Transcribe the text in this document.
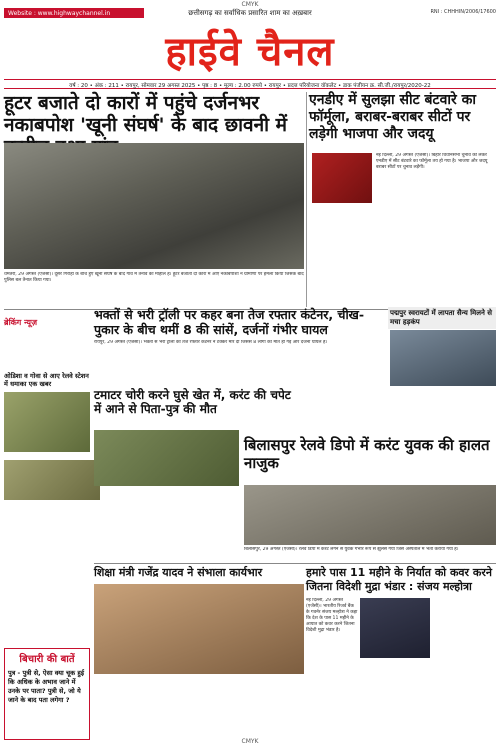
CMYK
Website : www.highwaychannel.in	छत्तीसगढ़ का सर्वाधिक प्रसारित शाम का अख़बार	RNI : CHHHIN/2006/17600
हाईवे चैनल
वर्ष : 20 • अंक : 211 • रायपुर, सोमवार 29 अगस्त 2025 • पृष्ठ : 8 • मूल्य : 2.00 रुपये • रायपुर • प्रदत्त परियोजना वॉकलेट • डाक पंजीयन क्र. सी.जी./रायपुर/2020-22
हूटर बजाते दो कारों में पहुंचे दर्जनभर नकाबपोश 'खूनी संघर्ष' के बाद छावनी में
धमतरी, 29 अगस्त (एजेंसी)। दूसरे गिरोहों के बीच हुए खूनी संघर्ष के बाद गांव में तनाव का माहौल है। हूटर बजाती दो कारों में आए नकाबपोशों ने ग्रामीणों पर हमला किया जिसके बाद पुलिस बल तैनात किया गया।
एनडीए में सुलझा सीट बंटवारे का फॉर्मूला, बराबर-बराबर सीटों पर लड़ेगी भाजपा और जदयू
नई दिल्ली, 29 अगस्त (एजेंसी)। बिहार विधानसभा चुनाव को लेकर एनडीए में सीट बंटवारे का फॉर्मूला तय हो गया है। भाजपा और जदयू बराबर सीटों पर चुनाव लड़ेंगी।
ब्रेकिंग न्यूज़
ओडिशा व गोवा से आए रेलवे स्टेशन में धमाका एक खबर
भक्तों से भरी ट्रॉली पर कहर बना तेज रफ्तार कंटेनर, चीख-पुकार के बीच थमीं 8 की सांसें, दर्जनों गंभीर घायल
रायपुर, 29 अगस्त (एजेंसी)। भक्तों से भरी ट्रॉली को तेज रफ्तार कंटेनर ने टक्कर मार दी जिससे 8 लोगों की मौत हो गई और दर्जनों घायल हैं।
टमाटर चोरी करने घुसे खेत में, करंट की चपेट में आने से पिता-पुत्र की मौत
पद्मपुर स्वरायटों में लापता सैन्य मिलने से मचा हड़कंप
बिलासपुर रेलवे डिपो में करंट युवक की हालत नाजुक
बिलासपुर, 29 अगस्त (एजेंसी)। रेलवे डिपो में करंट लगने से युवक गंभीर रूप से झुलस गया जिसे अस्पताल में भर्ती कराया गया है।
शिक्षा मंत्री गजेंद्र यादव ने संभाला कार्यभार	हमारे पास 11 महीने के निर्यात को कवर करने जितना विदेशी मुद्रा भंडार : संजय मल्होत्रा
नई दिल्ली, 29 अगस्त (एजेंसी)। भारतीय रिजर्व बैंक के गवर्नर संजय मल्होत्रा ने कहा कि देश के पास 11 महीने के आयात को कवर करने जितना विदेशी मुद्रा भंडार है।
बिचारी की बातें
पुत्र - पुत्री से, ऐसा क्या चूक हुई कि अधिक के अभाव जाने में उनके पर पाता? पुत्री से, जो ये जाने के बाद पता लगेगा ?
CMYK
